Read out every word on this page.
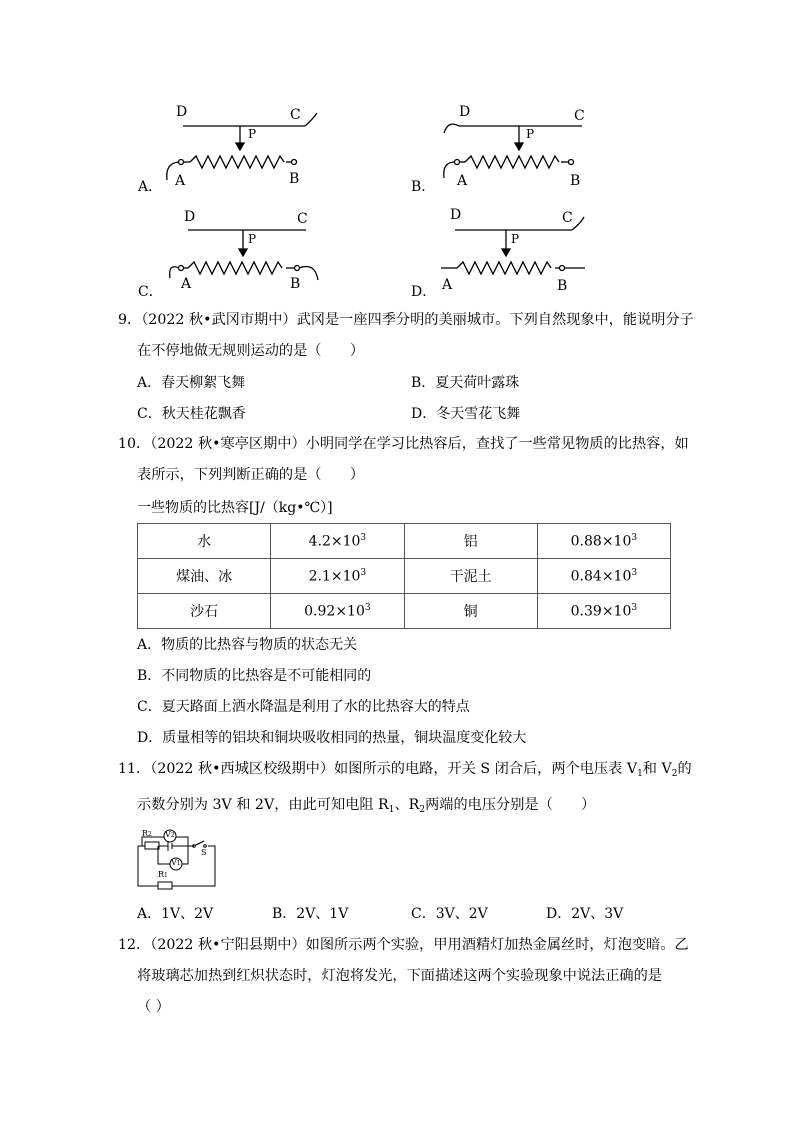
D	C
P
A	B
A．
D	C
P
A	B
B．
D	C
P
A	B
C．
D	C
P
A	B
D．
9．（2022 秋•武冈市期中）武冈是一座四季分明的美丽城市。下列自然现象中，能说明分子
在不停地做无规则运动的是（　　）
A．春天柳絮飞舞	B．夏天荷叶露珠
C．秋天桂花飘香	D．冬天雪花飞舞
10．（2022 秋•寒亭区期中）小明同学在学习比热容后，查找了一些常见物质的比热容，如
表所示，下列判断正确的是（　　）
一些物质的比热容[J/（kg•℃）]
水	$4.2\times 10^3$	铝	$0.88\times 10^3$
煤油、冰	$2.1\times 10^3$	干泥土	$0.84\times 10^3$
沙石	$0.92\times 10^3$	铜	$0.39\times 10^3$
A．物质的比热容与物质的状态无关
B．不同物质的比热容是不可能相同的
C．夏天路面上洒水降温是利用了水的比热容大的特点
D．质量相等的铝块和铜块吸收相同的热量，铜块温度变化较大
11．（2022 秋•西城区校级期中）如图所示的电路，开关 S 闭合后，两个电压表 $V_1$和 $V_2$的
示数分别为 3V 和 2V，由此可知电阻 $R_1$、$R_2$两端的电压分别是（　　）
R2 V2
V1
S
R1
A．1V、2V	B．2V、1V	C．3V、2V	D．2V、3V
12．（2022 秋•宁阳县期中）如图所示两个实验，甲用酒精灯加热金属丝时，灯泡变暗。乙
将玻璃芯加热到红炽状态时，灯泡将发光，下面描述这两个实验现象中说法正确的是
（ ）
